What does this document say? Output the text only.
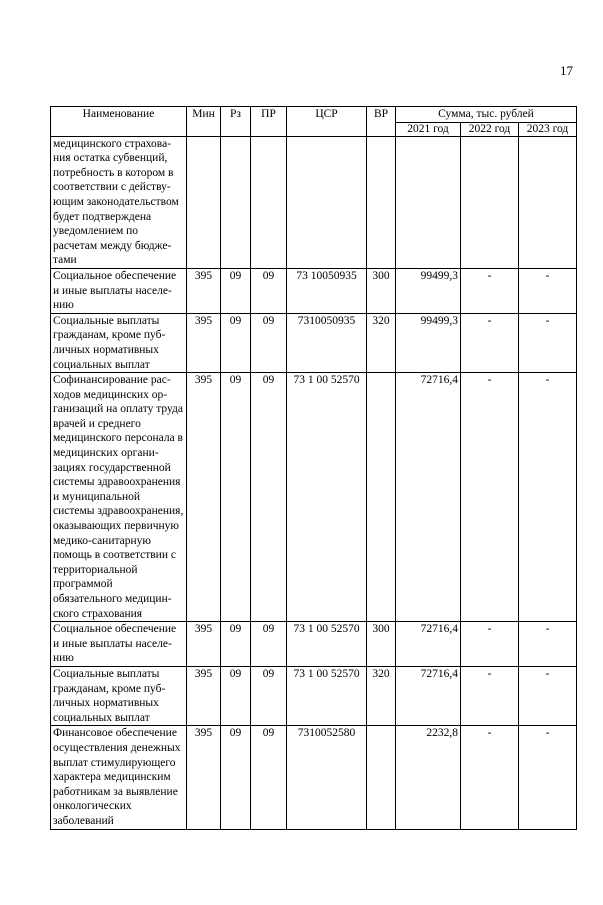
17
Наименование	Мин	Рз	ПР	ЦСР	ВР	Сумма, тыс. рублей		
						2021 год	2022 год	2023 год
медицинского страхования остатка субвенций, потребность в котором в соответствии с действующим законодательством будет подтверждена уведомлением по расчетам между бюджетами								
Социальное обеспечение и иные выплаты населению	395	09	09	73 10050935	300	99499,3	-	-
Социальные выплаты гражданам, кроме публичных нормативных социальных выплат	395	09	09	7310050935	320	99499,3	-	-
Софинансирование расходов медицинских организаций на оплату труда врачей и среднего медицинского персонала в медицинских организациях государственной системы здравоохранения и муниципальной системы здравоохранения, оказывающих первичную медико-санитарную помощь в соответствии с территориальной программой обязательного медицинского страхования	395	09	09	73 1 00 52570		72716,4	-	-
Социальное обеспечение и иные выплаты населению	395	09	09	73 1 00 52570	300	72716,4	-	-
Социальные выплаты гражданам, кроме публичных нормативных социальных выплат	395	09	09	73 1 00 52570	320	72716,4	-	-
Финансовое обеспечение осуществления денежных выплат стимулирующего характера медицинским работникам за выявление онкологических заболеваний	395	09	09	7310052580		2232,8	-	-
